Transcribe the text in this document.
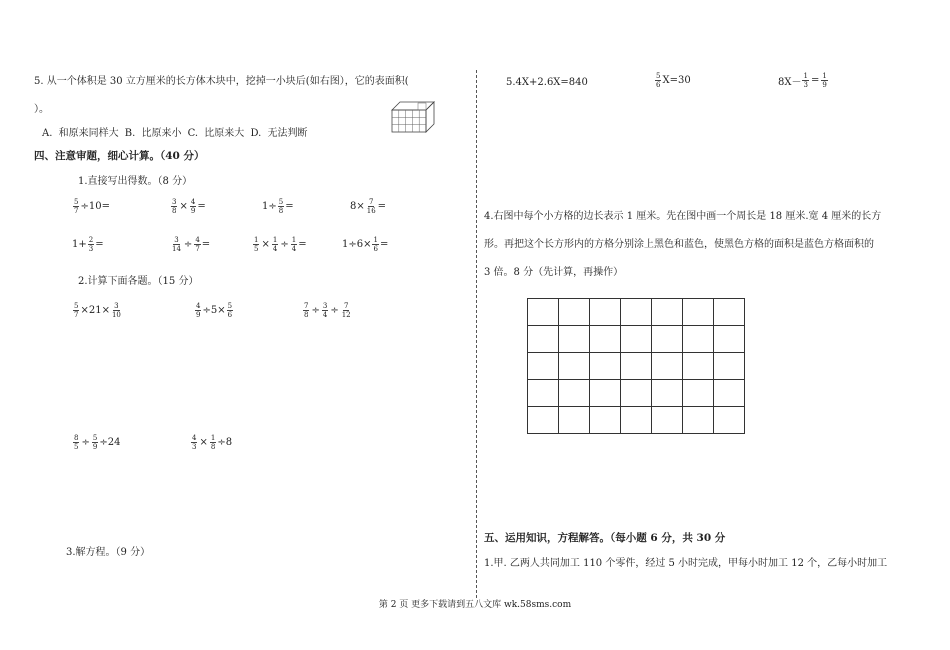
5. 从一个体积是 30 立方厘米的长方体木块中，挖掉一小块后(如右图），它的表面积(
）。
A. 和原来同样大 B. 比原来小 C. 比原来大 D. 无法判断
四、注意审题，细心计算。（40 分）
1.直接写出得数。（8 分）
$\frac{5}{7} \div 10=$	$\frac{3}{8} \times \frac{4}{9}$ =	$1\div \frac{5}{8}$ =	$8\times \frac{7}{16}$ =
$1+ \frac{2}{3}$ =	$\frac{3}{14} \div \frac{4}{7}$ =	$\frac{1}{5} \times \frac{1}{4} \div \frac{1}{4}$ =	$1\div 6\times \frac{1}{6}$ =
2.计算下面各题。（15 分）
$\frac{5}{7} \times 21\times \frac{3}{10}$	$\frac{4}{9} \div 5\times \frac{5}{6}$	$\frac{7}{8} \div \frac{3}{4} \div \frac{7}{12}$
$\frac{8}{5} \div \frac{5}{9} \div 24$	$\frac{4}{3} \times \frac{1}{8} \div 8$
3.解方程。（9 分）
5.4X+2.6X=840	$\frac{5}{6} X=30$	$8X- \frac{1}{3} = \frac{1}{9}$
4.右图中每个小方格的边长表示 1 厘米。先在图中画一个周长是 18 厘米.宽 4 厘米的长方
形。再把这个长方形内的方格分别涂上黑色和蓝色，使黑色方格的面积是蓝色方格面积的
3 倍。8 分（先计算，再操作）

五、运用知识，方程解答。（每小题 6 分，共 30 分
1.甲. 乙两人共同加工 110 个零件，经过 5 小时完成，甲每小时加工 12 个，乙每小时加工
第 2 页 更多下载请到五八文库 wk.58sms.com
